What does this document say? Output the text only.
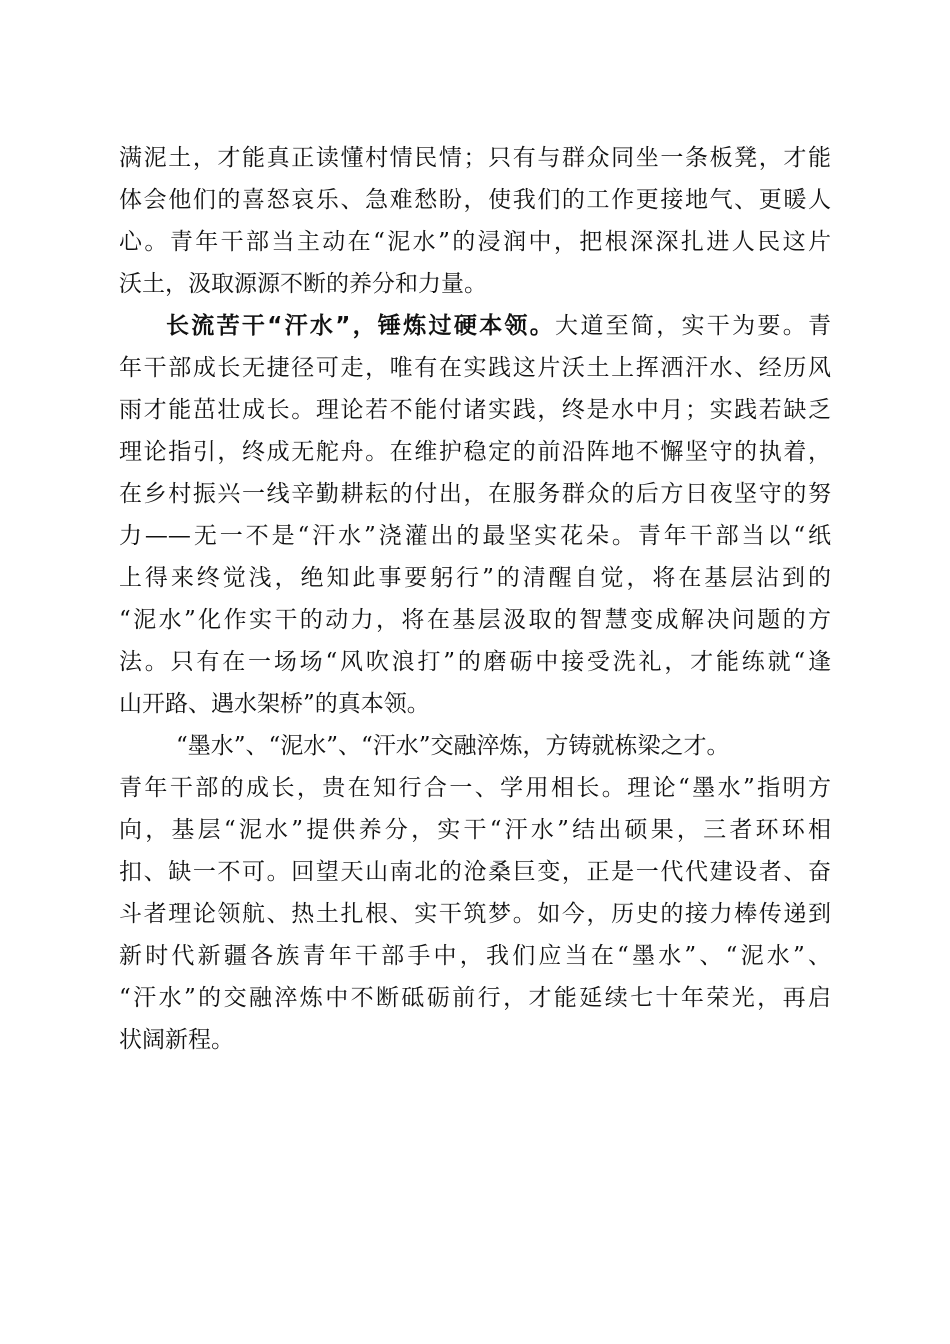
满泥土，才能真正读懂村情民情；只有与群众同坐一条板凳，才能
体会他们的喜怒哀乐、急难愁盼，使我们的工作更接地气、更暖人
心。青年干部当主动在“泥水”的浸润中，把根深深扎进人民这片
沃土，汲取源源不断的养分和力量。
长流苦干“汗水”，锤炼过硬本领。大道至简，实干为要。青
年干部成长无捷径可走，唯有在实践这片沃土上挥洒汗水、经历风
雨才能茁壮成长。理论若不能付诸实践，终是水中月；实践若缺乏
理论指引，终成无舵舟。在维护稳定的前沿阵地不懈坚守的执着，
在乡村振兴一线辛勤耕耘的付出，在服务群众的后方日夜坚守的努
力——无一不是“汗水”浇灌出的最坚实花朵。青年干部当以“纸
上得来终觉浅，绝知此事要躬行”的清醒自觉，将在基层沾到的
“泥水”化作实干的动力，将在基层汲取的智慧变成解决问题的方
法。只有在一场场“风吹浪打”的磨砺中接受洗礼，才能练就“逢
山开路、遇水架桥”的真本领。
“墨水”、“泥水”、“汗水”交融淬炼，方铸就栋梁之才。
青年干部的成长，贵在知行合一、学用相长。理论“墨水”指明方
向，基层“泥水”提供养分，实干“汗水”结出硕果，三者环环相
扣、缺一不可。回望天山南北的沧桑巨变，正是一代代建设者、奋
斗者理论领航、热土扎根、实干筑梦。如今，历史的接力棒传递到
新时代新疆各族青年干部手中，我们应当在“墨水”、“泥水”、
“汗水”的交融淬炼中不断砥砺前行，才能延续七十年荣光，再启
状阔新程。
